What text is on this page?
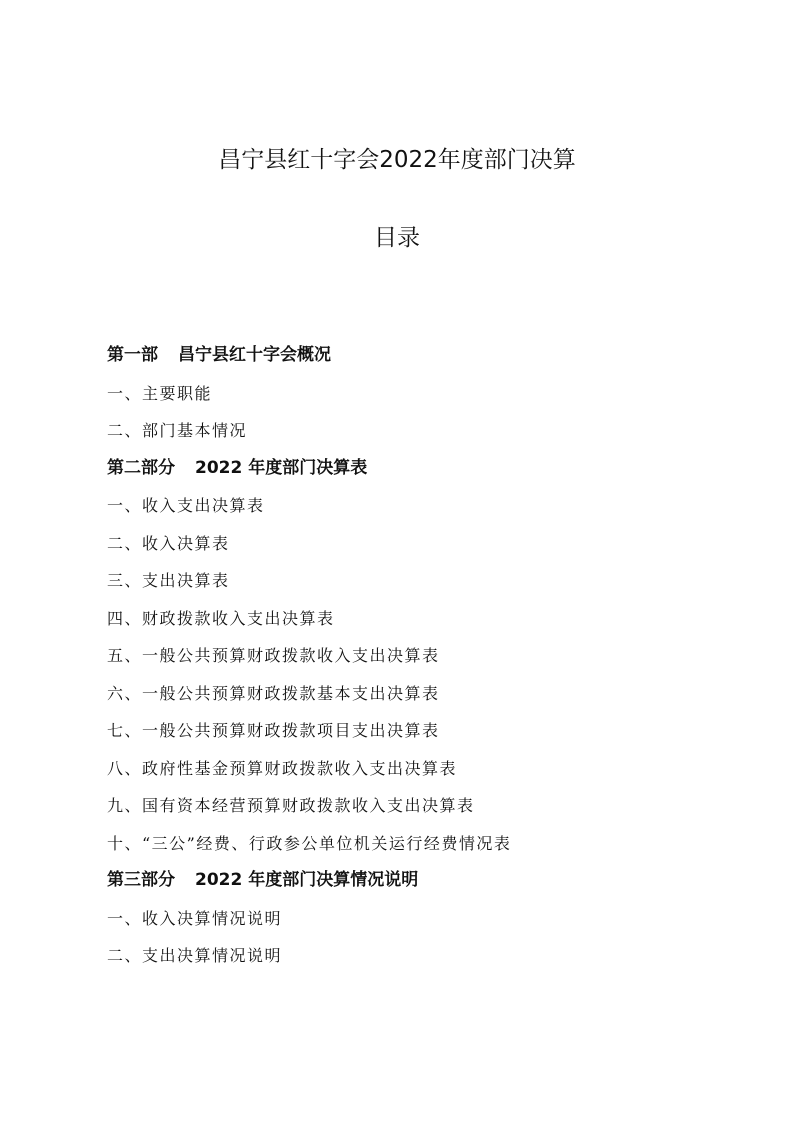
昌宁县红十字会2022年度部门决算
目录
第一部 昌宁县红十字会概况
一、主要职能
二、部门基本情况
第二部分 2022 年度部门决算表
一、收入支出决算表
二、收入决算表
三、支出决算表
四、财政拨款收入支出决算表
五、一般公共预算财政拨款收入支出决算表
六、一般公共预算财政拨款基本支出决算表
七、一般公共预算财政拨款项目支出决算表
八、政府性基金预算财政拨款收入支出决算表
九、国有资本经营预算财政拨款收入支出决算表
十、“三公”经费、行政参公单位机关运行经费情况表
第三部分 2022 年度部门决算情况说明
一、收入决算情况说明
二、支出决算情况说明
